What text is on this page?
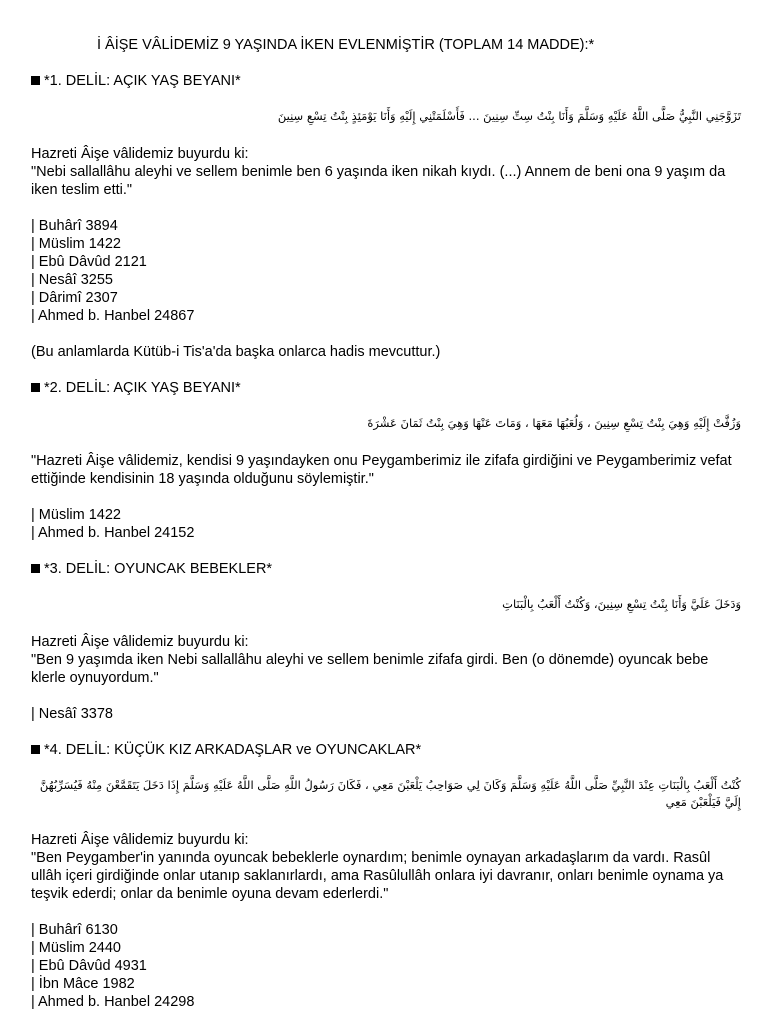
İ ÂİŞE VÂLİDEMİZ 9 YAŞINDA İKEN EVLENMİŞTİR (TOPLAM 14 MADDE):*
*1. DELİL: AÇIK YAŞ BEYANI*
تَزَوَّجَنِي النَّبِيُّ صَلَّى اللَّهُ عَلَيْهِ وَسَلَّمَ وَأَنَا بِنْتُ سِتِّ سِنِينَ ... فَأَسْلَمَتْنِي إِلَيْهِ وَأَنَا يَوْمَئِذٍ بِنْتُ تِسْعِ سِنِينَ
Hazreti Âişe vâlidemiz buyurdu ki:
"Nebi sallallâhu aleyhi ve sellem benimle ben 6 yaşında iken nikah kıydı. (...) Annem de beni ona 9 yaşım da iken teslim etti."
| Buhârî 3894
| Müslim 1422
| Ebû Dâvûd 2121
| Nesâî 3255
| Dârimî 2307
| Ahmed b. Hanbel 24867
(Bu anlamlarda Kütüb-i Tis'a'da başka onlarca hadis mevcuttur.)
*2. DELİL: AÇIK YAŞ BEYANI*
وَزُفَّتْ إِلَيْهِ وَهِيَ بِنْتُ تِسْعِ سِنِينَ ، وَلُعَبُهَا مَعَهَا ، وَمَاتَ عَنْهَا وَهِيَ بِنْتُ ثَمَانَ عَشْرَةَ
"Hazreti Âişe vâlidemiz, kendisi 9 yaşındayken onu Peygamberimiz ile zifafa girdiğini ve Peygamberimiz vefat ettiğinde kendisinin 18 yaşında olduğunu söylemiştir."
| Müslim 1422
| Ahmed b. Hanbel 24152
*3. DELİL: OYUNCAK BEBEKLER*
وَدَخَلَ عَلَيَّ وَأَنَا بِنْتُ تِسْعِ سِنِينَ، وَكُنْتُ أَلْعَبُ بِالْبَنَاتِ
Hazreti Âişe vâlidemiz buyurdu ki:
"Ben 9 yaşımda iken Nebi sallallâhu aleyhi ve sellem benimle zifafa girdi. Ben (o dönemde) oyuncak bebe klerle oynuyordum."
| Nesâî 3378
*4. DELİL: KÜÇÜK KIZ ARKADAŞLAR ve OYUNCAKLAR*
كُنْتُ أَلْعَبُ بِالْبَنَاتِ عِنْدَ النَّبِيِّ صَلَّى اللَّهُ عَلَيْهِ وَسَلَّمَ وَكَانَ لِي صَوَاحِبُ يَلْعَبْنَ مَعِي ، فَكَانَ رَسُولُ اللَّهِ صَلَّى اللَّهُ عَلَيْهِ وَسَلَّمَ إِذَا دَخَلَ يَتَقَمَّعْنَ مِنْهُ فَيُسَرِّبُهُنَّ إِلَيَّ فَيَلْعَبْنَ مَعِي
Hazreti Âişe vâlidemiz buyurdu ki:
"Ben Peygamber'in yanında oyuncak bebeklerle oynardım; benimle oynayan arkadaşlarım da vardı. Rasûl ullâh içeri girdiğinde onlar utanıp saklanırlardı, ama Rasûlullâh onlara iyi davranır, onları benimle oynama ya teşvik ederdi; onlar da benimle oyuna devam ederlerdi."
| Buhârî 6130
| Müslim 2440
| Ebû Dâvûd 4931
| İbn Mâce 1982
| Ahmed b. Hanbel 24298
